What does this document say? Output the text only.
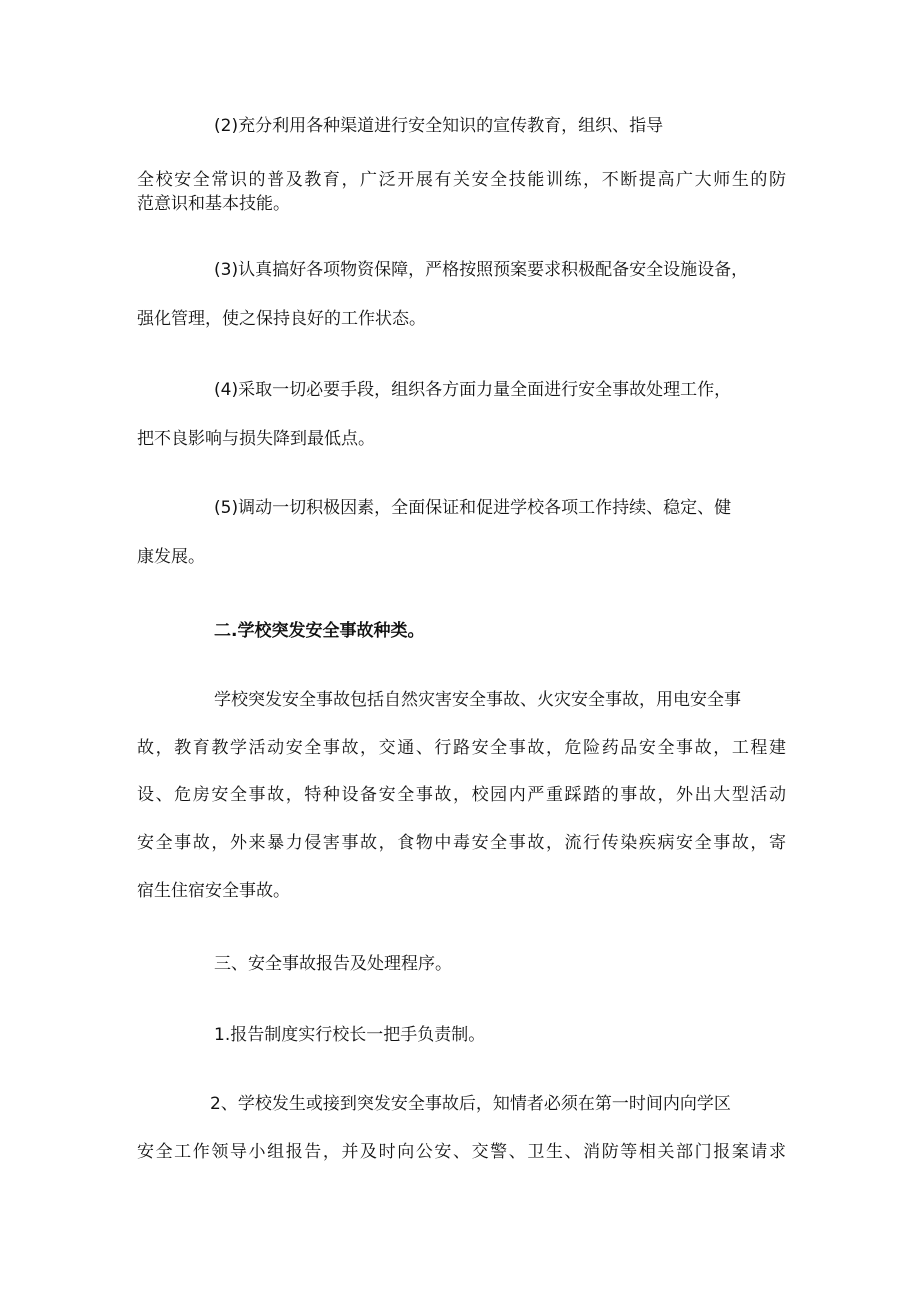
(2)充分利用各种渠道进行安全知识的宣传教育，组织、指导

全校安全常识的普及教育，广泛开展有关安全技能训练，不断提高广大师生的防

范意识和基本技能。

(3)认真搞好各项物资保障，严格按照预案要求积极配备安全设施设备，

强化管理，使之保持良好的工作状态。

(4)采取一切必要手段，组织各方面力量全面进行安全事故处理工作，

把不良影响与损失降到最低点。

(5)调动一切积极因素，全面保证和促进学校各项工作持续、稳定、健

康发展。

二.学校突发安全事故种类。

学校突发安全事故包括自然灾害安全事故、火灾安全事故，用电安全事

故，教育教学活动安全事故，交通、行路安全事故，危险药品安全事故，工程建

设、危房安全事故，特种设备安全事故，校园内严重踩踏的事故，外出大型活动

安全事故，外来暴力侵害事故，食物中毒安全事故，流行传染疾病安全事故，寄

宿生住宿安全事故。

三、安全事故报告及处理程序。

1.报告制度实行校长一把手负责制。

2、学校发生或接到突发安全事故后，知情者必须在第一时间内向学区

安全工作领导小组报告，并及时向公安、交警、卫生、消防等相关部门报案请求
